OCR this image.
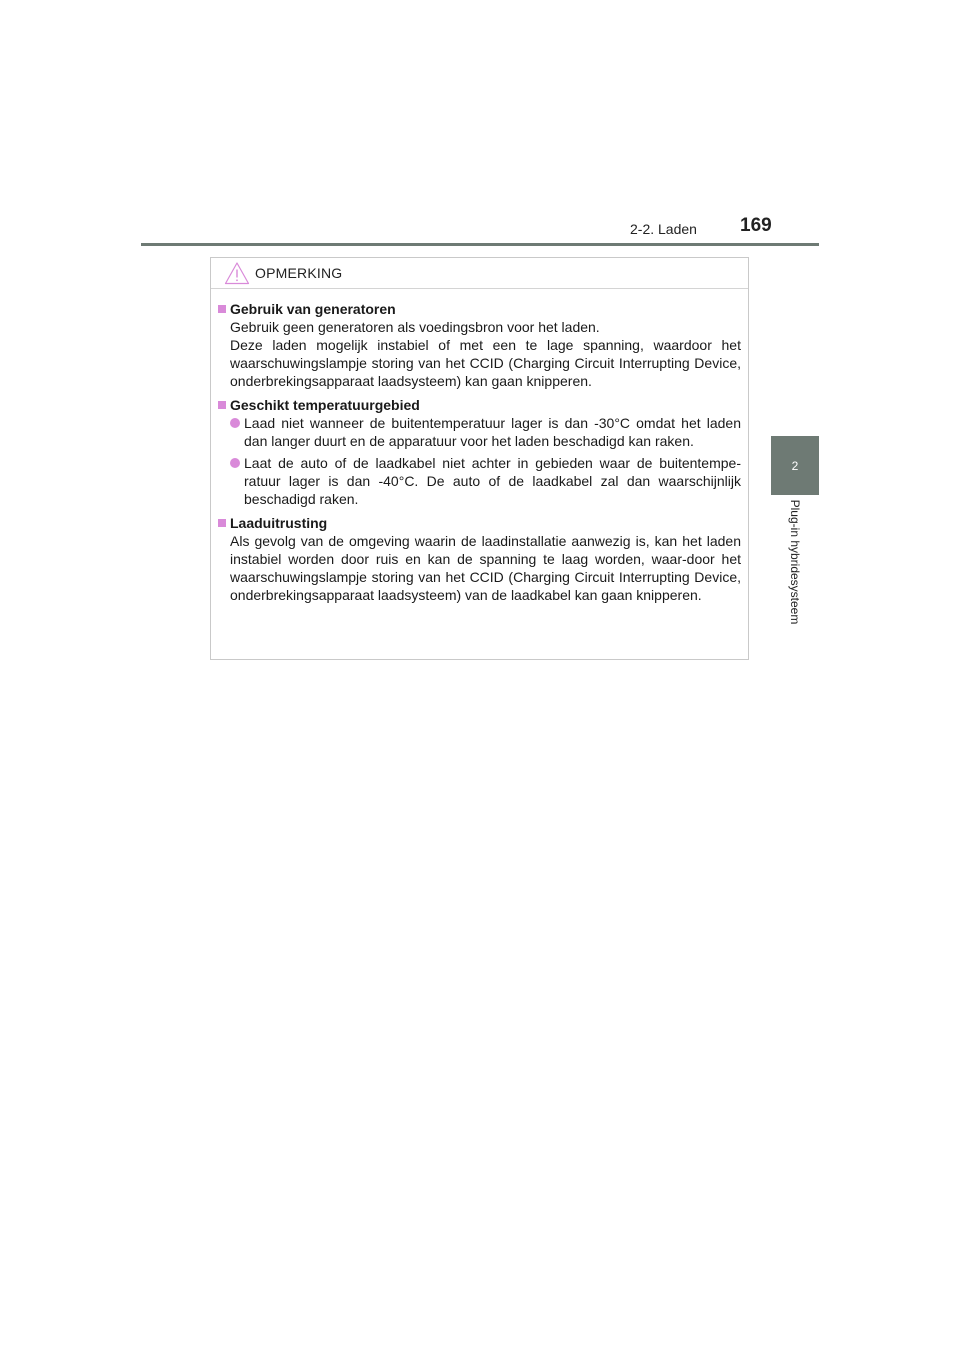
2-2. Laden 169
2
Plug-in hybridesysteem
OPMERKING
Gebruik van generatoren
Gebruik geen generatoren als voedingsbron voor het laden.
Deze laden mogelijk instabiel of met een te lage spanning, waardoor het waarschuwingslampje storing van het CCID (Charging Circuit Interrupting Device, onderbrekingsapparaat laadsysteem) kan gaan knipperen.
Geschikt temperatuurgebied
Laad niet wanneer de buitentemperatuur lager is dan -30°C omdat het laden dan langer duurt en de apparatuur voor het laden beschadigd kan raken.
Laat de auto of de laadkabel niet achter in gebieden waar de buitentempe-ratuur lager is dan -40°C. De auto of de laadkabel zal dan waarschijnlijk beschadigd raken.
Laaduitrusting
Als gevolg van de omgeving waarin de laadinstallatie aanwezig is, kan het laden instabiel worden door ruis en kan de spanning te laag worden, waar-door het waarschuwingslampje storing van het CCID (Charging Circuit Interrupting Device, onderbrekingsapparaat laadsysteem) van de laadkabel kan gaan knipperen.
